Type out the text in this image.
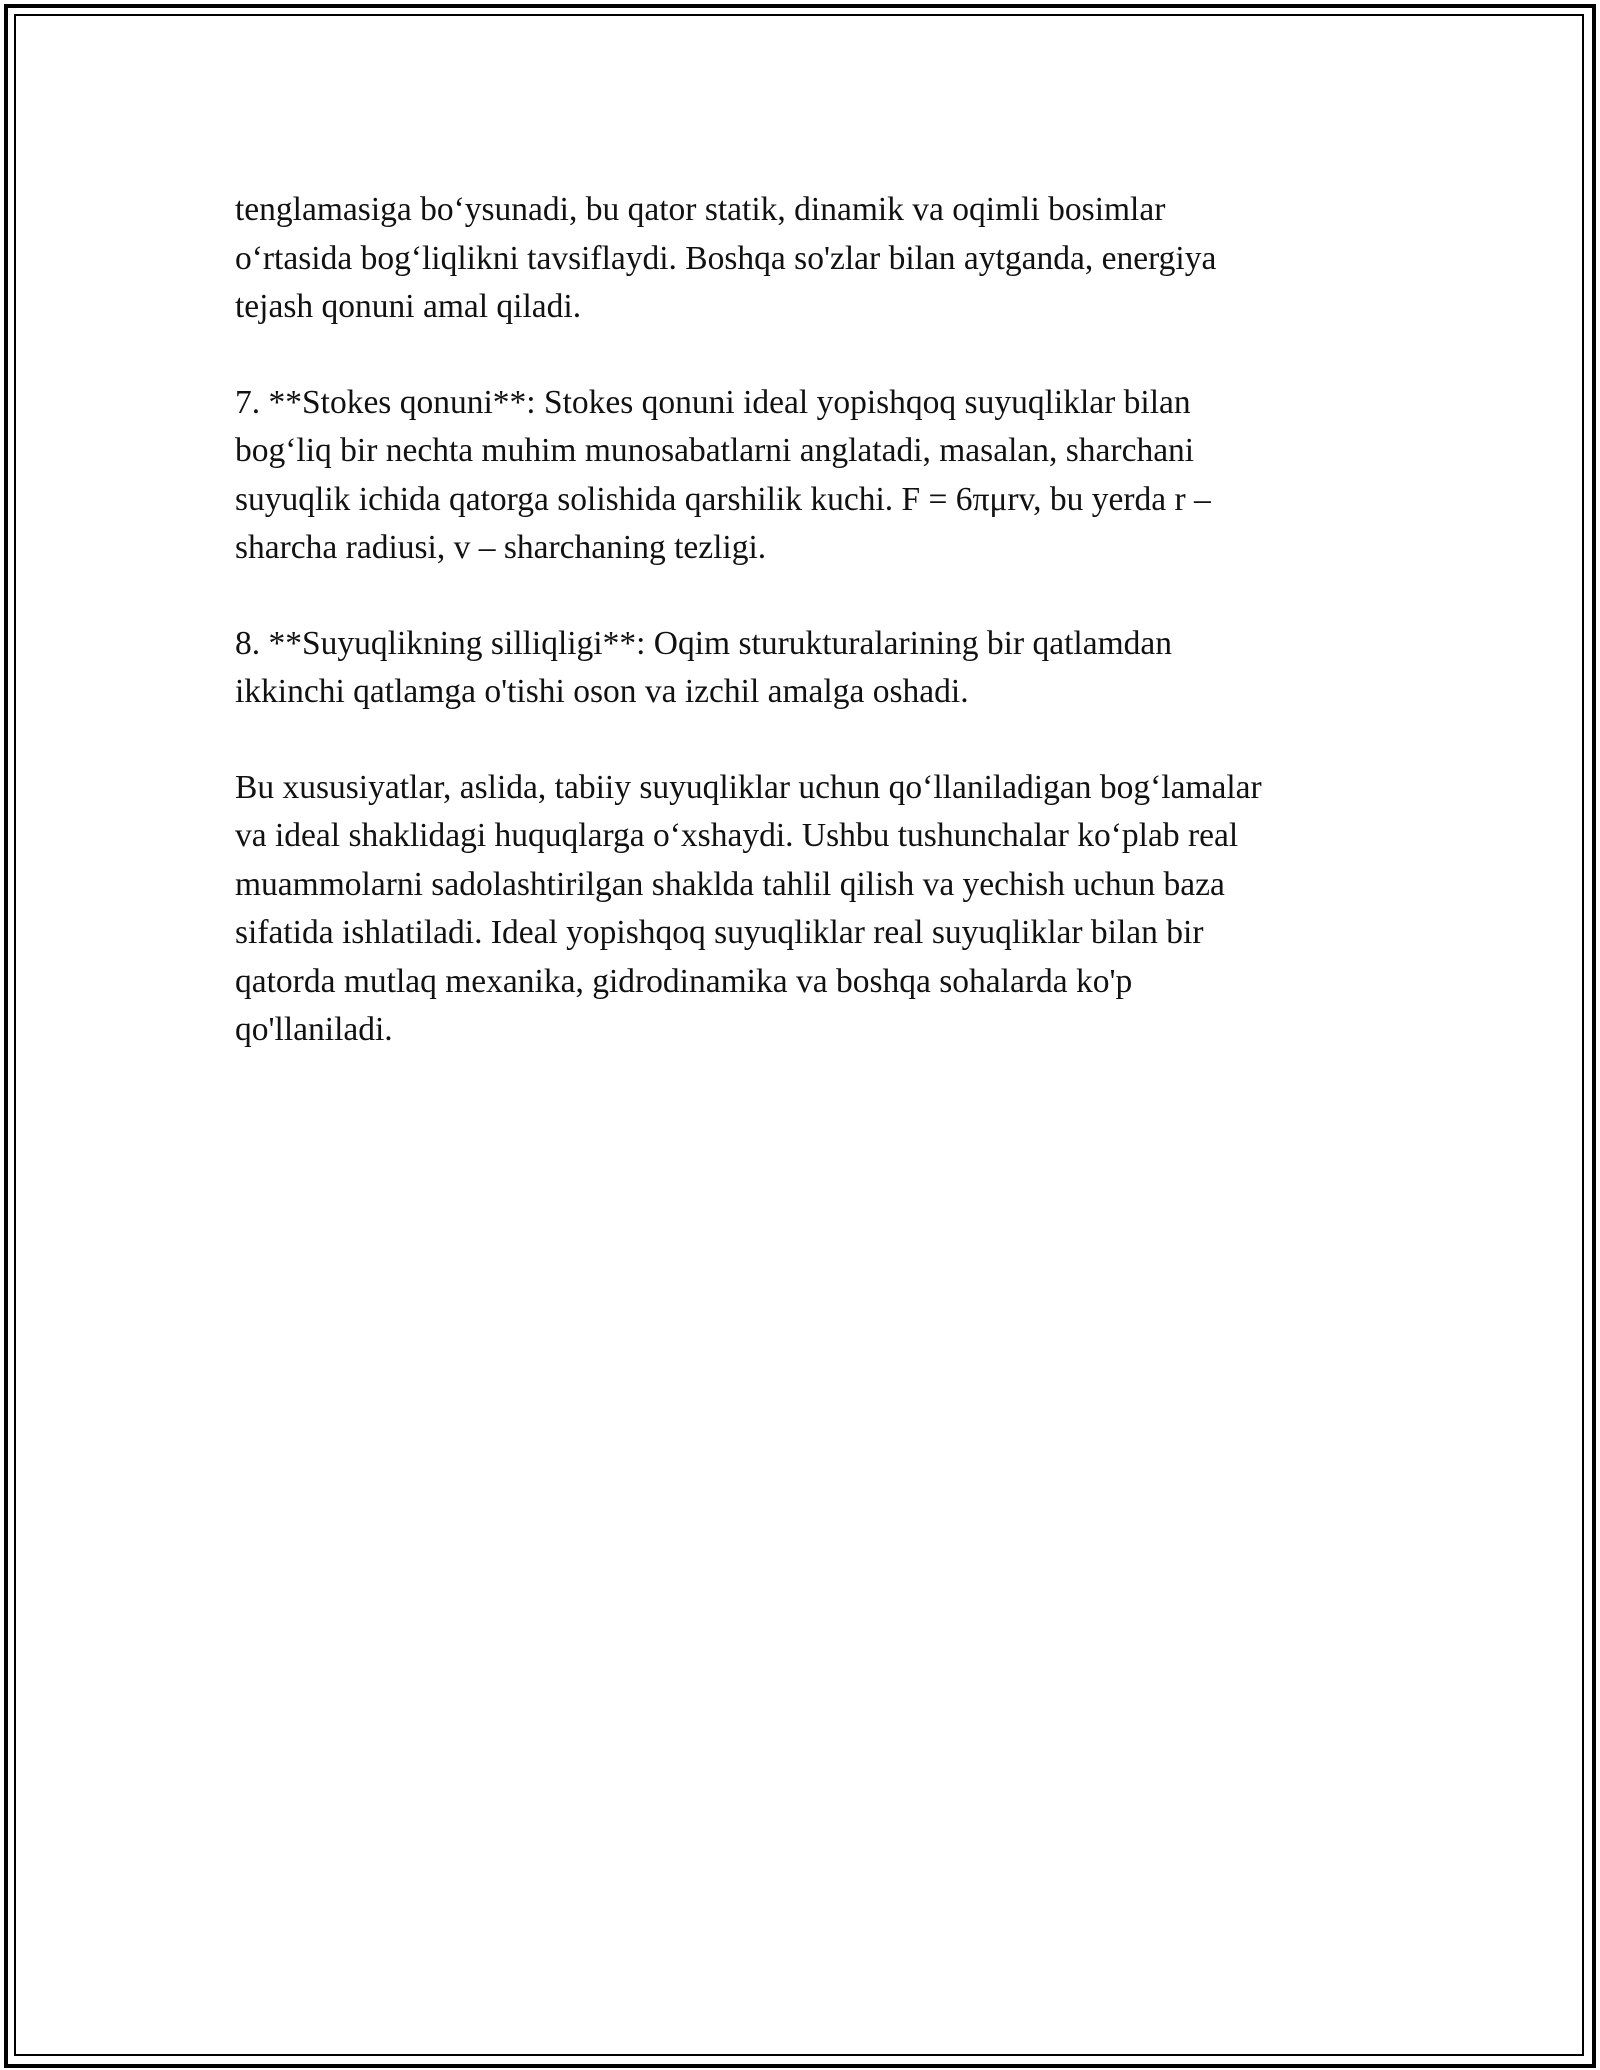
tenglamasiga bo‘ysunadi, bu qator statik, dinamik va oqimli bosimlar
o‘rtasida bog‘liqlikni tavsiflaydi. Boshqa so'zlar bilan aytganda, energiya
tejash qonuni amal qiladi.

7. **Stokes qonuni**: Stokes qonuni ideal yopishqoq suyuqliklar bilan
bog‘liq bir nechta muhim munosabatlarni anglatadi, masalan, sharchani
suyuqlik ichida qatorga solishida qarshilik kuchi. F = 6πμrv, bu yerda r –
sharcha radiusi, v – sharchaning tezligi.

8. **Suyuqlikning silliqligi**: Oqim sturukturalarining bir qatlamdan
ikkinchi qatlamga o'tishi oson va izchil amalga oshadi.

Bu xususiyatlar, aslida, tabiiy suyuqliklar uchun qo‘llaniladigan bog‘lamalar
va ideal shaklidagi huquqlarga o‘xshaydi. Ushbu tushunchalar ko‘plab real
muammolarni sadolashtirilgan shaklda tahlil qilish va yechish uchun baza
sifatida ishlatiladi. Ideal yopishqoq suyuqliklar real suyuqliklar bilan bir
qatorda mutlaq mexanika, gidrodinamika va boshqa sohalarda ko'p
qo'llaniladi.
